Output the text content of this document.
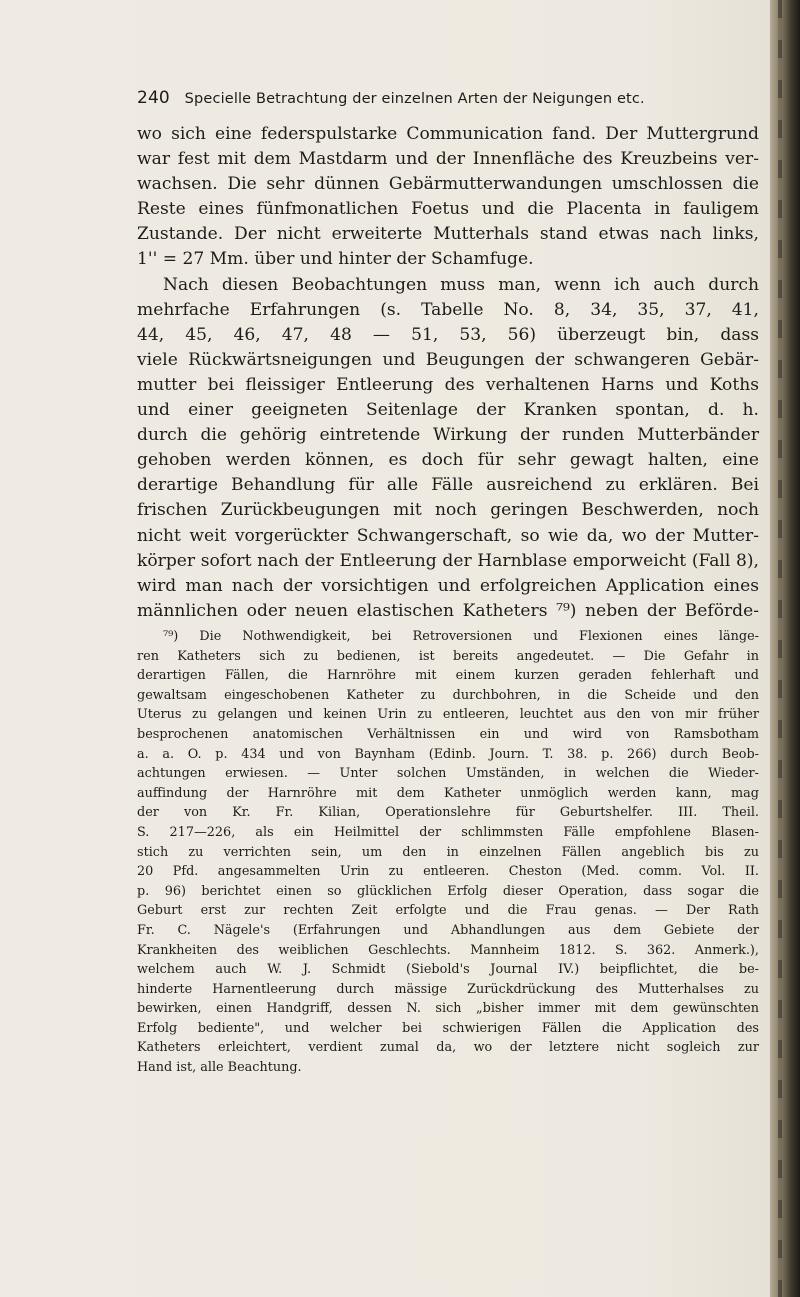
240 Specielle Betrachtung der einzelnen Arten der Neigungen etc.
wo sich eine federspulstarke Communication fand. Der Muttergrund
war fest mit dem Mastdarm und der Innenfläche des Kreuzbeins ver-
wachsen. Die sehr dünnen Gebärmutterwandungen umschlossen die
Reste eines fünfmonatlichen Foetus und die Placenta in fauligem
Zustande. Der nicht erweiterte Mutterhals stand etwas nach links,
1'' = 27 Mm. über und hinter der Schamfuge.
Nach diesen Beobachtungen muss man, wenn ich auch durch
mehrfache Erfahrungen (s. Tabelle No. 8, 34, 35, 37, 41,
44, 45, 46, 47, 48 — 51, 53, 56) überzeugt bin, dass
viele Rückwärtsneigungen und Beugungen der schwangeren Gebär-
mutter bei fleissiger Entleerung des verhaltenen Harns und Koths
und einer geeigneten Seitenlage der Kranken spontan, d. h.
durch die gehörig eintretende Wirkung der runden Mutterbänder
gehoben werden können, es doch für sehr gewagt halten, eine
derartige Behandlung für alle Fälle ausreichend zu erklären. Bei
frischen Zurückbeugungen mit noch geringen Beschwerden, noch
nicht weit vorgerückter Schwangerschaft, so wie da, wo der Mutter-
körper sofort nach der Entleerung der Harnblase emporweicht (Fall 8),
wird man nach der vorsichtigen und erfolgreichen Application eines
männlichen oder neuen elastischen Katheters ⁷⁹) neben der Beförde-
⁷⁹) Die Nothwendigkeit, bei Retroversionen und Flexionen eines länge-
ren Katheters sich zu bedienen, ist bereits angedeutet. — Die Gefahr in
derartigen Fällen, die Harnröhre mit einem kurzen geraden fehlerhaft und
gewaltsam eingeschobenen Katheter zu durchbohren, in die Scheide und den
Uterus zu gelangen und keinen Urin zu entleeren, leuchtet aus den von mir früher
besprochenen anatomischen Verhältnissen ein und wird von Ramsbotham
a. a. O. p. 434 und von Baynham (Edinb. Journ. T. 38. p. 266) durch Beob-
achtungen erwiesen. — Unter solchen Umständen, in welchen die Wieder-
auffindung der Harnröhre mit dem Katheter unmöglich werden kann, mag
der von Kr. Fr. Kilian, Operationslehre für Geburtshelfer. III. Theil.
S. 217—226, als ein Heilmittel der schlimmsten Fälle empfohlene Blasen-
stich zu verrichten sein, um den in einzelnen Fällen angeblich bis zu
20 Pfd. angesammelten Urin zu entleeren. Cheston (Med. comm. Vol. II.
p. 96) berichtet einen so glücklichen Erfolg dieser Operation, dass sogar die
Geburt erst zur rechten Zeit erfolgte und die Frau genas. — Der Rath
Fr. C. Nägele's (Erfahrungen und Abhandlungen aus dem Gebiete der
Krankheiten des weiblichen Geschlechts. Mannheim 1812. S. 362. Anmerk.),
welchem auch W. J. Schmidt (Siebold's Journal IV.) beipflichtet, die be-
hinderte Harnentleerung durch mässige Zurückdrückung des Mutterhalses zu
bewirken, einen Handgriff, dessen N. sich „bisher immer mit dem gewünschten
Erfolg bediente", und welcher bei schwierigen Fällen die Application des
Katheters erleichtert, verdient zumal da, wo der letztere nicht sogleich zur
Hand ist, alle Beachtung.
